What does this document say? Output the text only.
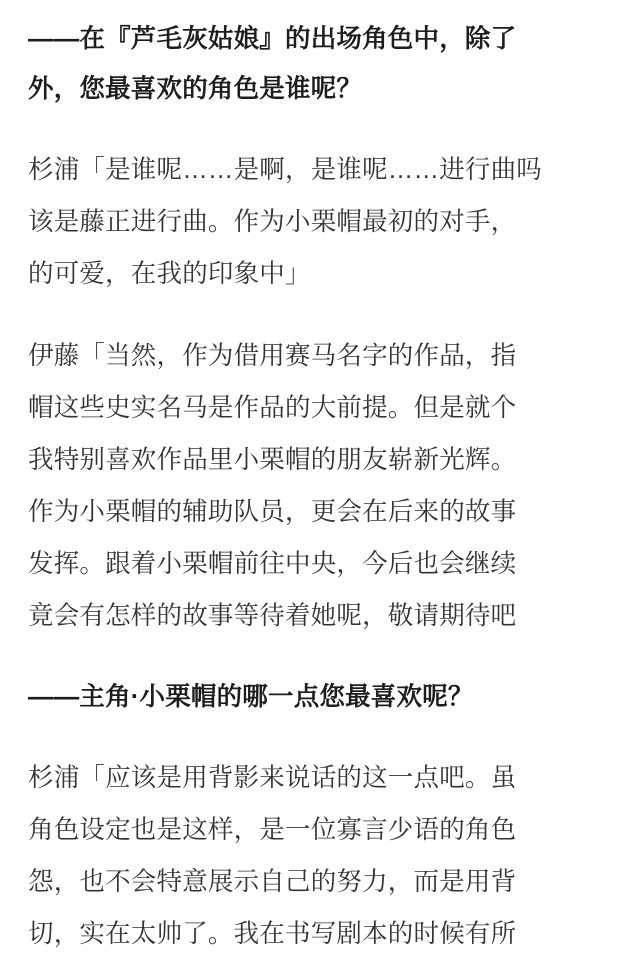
——在『芦毛灰姑娘』的出场角色中，除了

外，您最喜欢的角色是谁呢？

杉浦「是谁呢……是啊，是谁呢……进行曲吗

该是藤正进行曲。作为小栗帽最初的对手，

的可爱，在我的印象中」

伊藤「当然，作为借用赛马名字的作品，指

帽这些史实名马是作品的大前提。但是就个

我特别喜欢作品里小栗帽的朋友崭新光辉。

作为小栗帽的辅助队员，更会在后来的故事

发挥。跟着小栗帽前往中央，今后也会继续

竟会有怎样的故事等待着她呢，敬请期待吧

——主角·小栗帽的哪一点您最喜欢呢？

杉浦「应该是用背影来说话的这一点吧。虽

角色设定也是这样，是一位寡言少语的角色

怨，也不会特意展示自己的努力，而是用背

切，实在太帅了。我在书写剧本的时候有所
